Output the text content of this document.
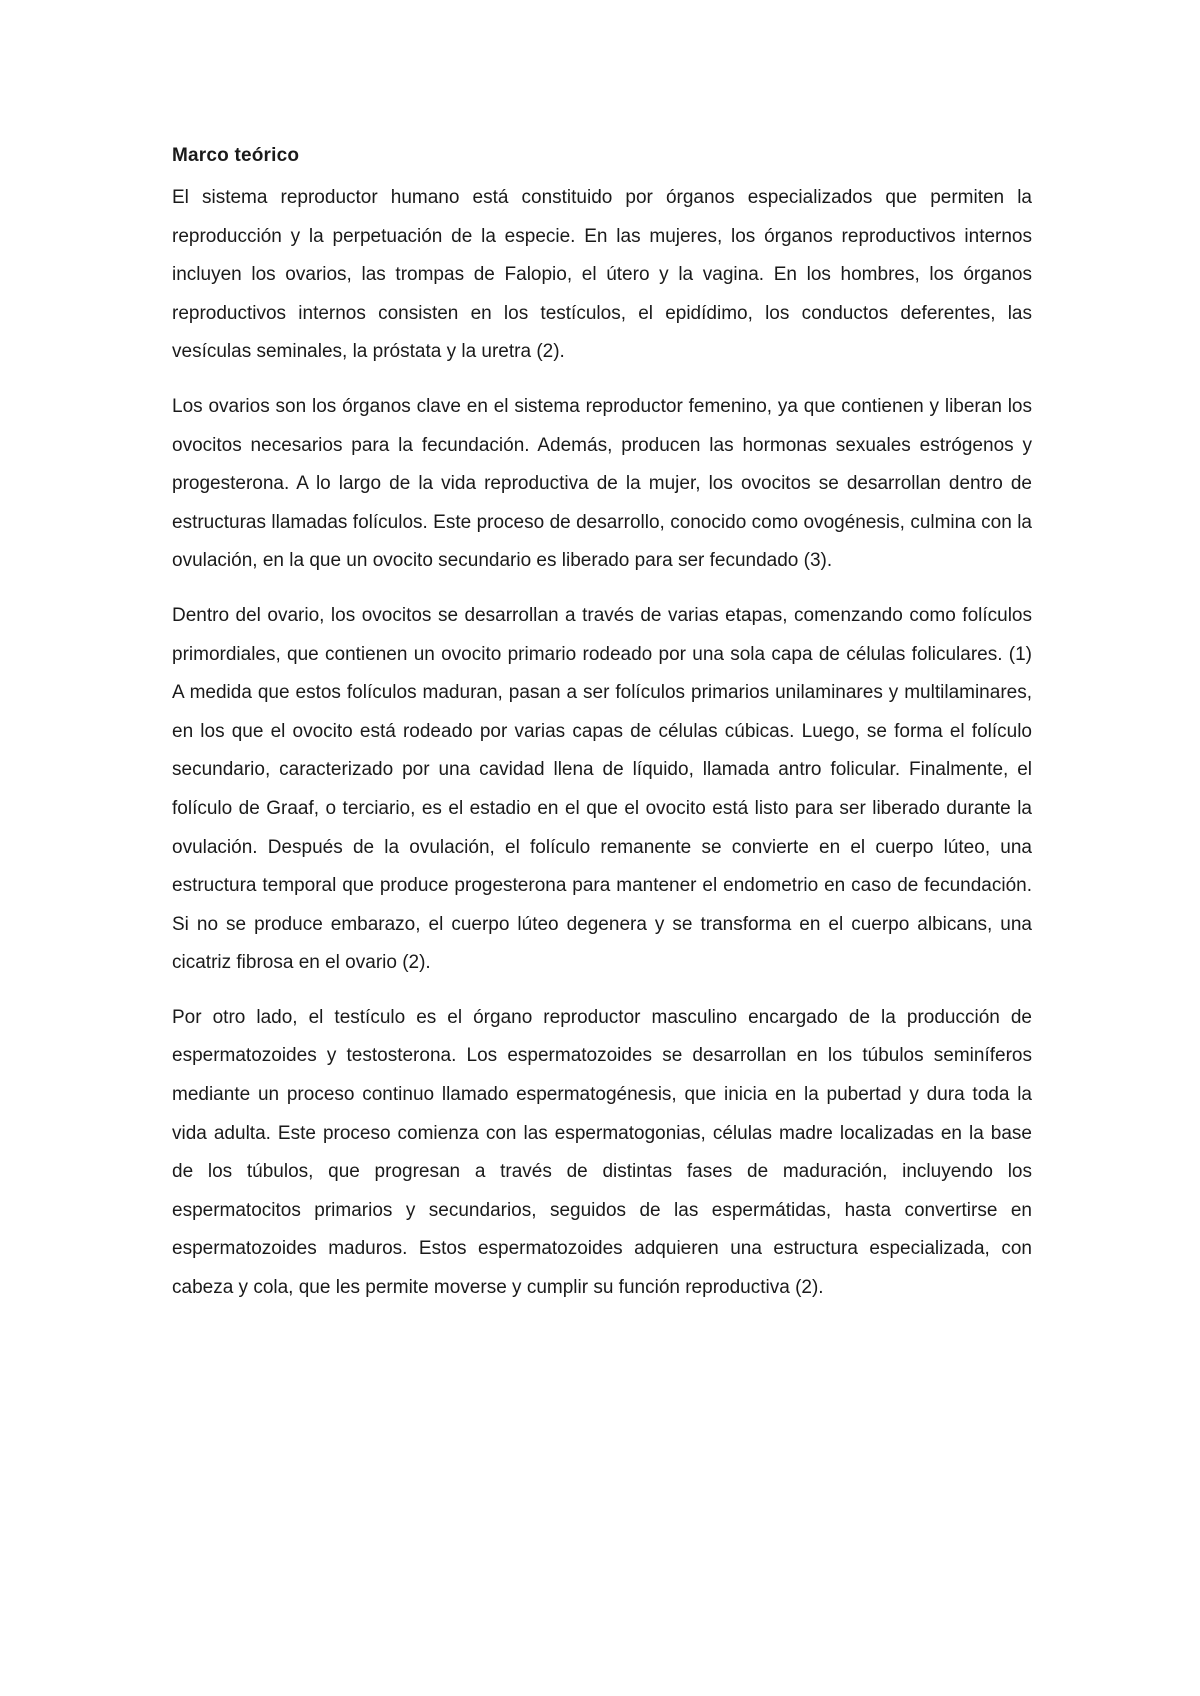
Marco teórico

El sistema reproductor humano está constituido por órganos especializados que permiten la reproducción y la perpetuación de la especie. En las mujeres, los órganos reproductivos internos incluyen los ovarios, las trompas de Falopio, el útero y la vagina. En los hombres, los órganos reproductivos internos consisten en los testículos, el epidídimo, los conductos deferentes, las vesículas seminales, la próstata y la uretra (2).

Los ovarios son los órganos clave en el sistema reproductor femenino, ya que contienen y liberan los ovocitos necesarios para la fecundación. Además, producen las hormonas sexuales estrógenos y progesterona. A lo largo de la vida reproductiva de la mujer, los ovocitos se desarrollan dentro de estructuras llamadas folículos. Este proceso de desarrollo, conocido como ovogénesis, culmina con la ovulación, en la que un ovocito secundario es liberado para ser fecundado (3).

Dentro del ovario, los ovocitos se desarrollan a través de varias etapas, comenzando como folículos primordiales, que contienen un ovocito primario rodeado por una sola capa de células foliculares. (1) A medida que estos folículos maduran, pasan a ser folículos primarios unilaminares y multilaminares, en los que el ovocito está rodeado por varias capas de células cúbicas. Luego, se forma el folículo secundario, caracterizado por una cavidad llena de líquido, llamada antro folicular. Finalmente, el folículo de Graaf, o terciario, es el estadio en el que el ovocito está listo para ser liberado durante la ovulación. Después de la ovulación, el folículo remanente se convierte en el cuerpo lúteo, una estructura temporal que produce progesterona para mantener el endometrio en caso de fecundación. Si no se produce embarazo, el cuerpo lúteo degenera y se transforma en el cuerpo albicans, una cicatriz fibrosa en el ovario (2).

Por otro lado, el testículo es el órgano reproductor masculino encargado de la producción de espermatozoides y testosterona. Los espermatozoides se desarrollan en los túbulos seminíferos mediante un proceso continuo llamado espermatogénesis, que inicia en la pubertad y dura toda la vida adulta. Este proceso comienza con las espermatogonias, células madre localizadas en la base de los túbulos, que progresan a través de distintas fases de maduración, incluyendo los espermatocitos primarios y secundarios, seguidos de las espermátidas, hasta convertirse en espermatozoides maduros. Estos espermatozoides adquieren una estructura especializada, con cabeza y cola, que les permite moverse y cumplir su función reproductiva (2).
